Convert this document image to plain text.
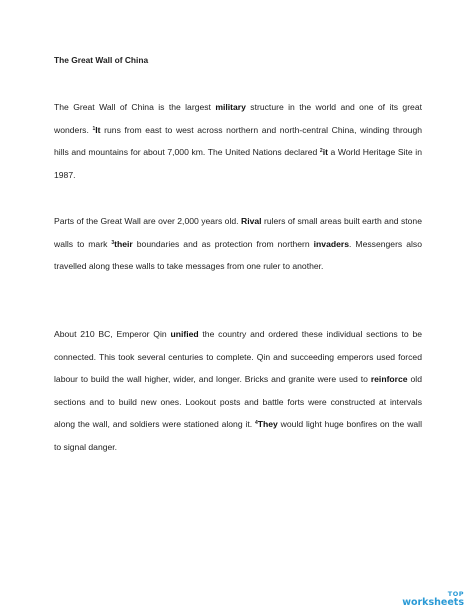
The Great Wall of China

The Great Wall of China is the largest military structure in the world and one of its great wonders. $^1$It runs from east to west across northern and north-central China, winding through hills and mountains for about 7,000 km. The United Nations declared $^2$it a World Heritage Site in 1987.

Parts of the Great Wall are over 2,000 years old. Rival rulers of small areas built earth and stone walls to mark $^3$their boundaries and as protection from northern invaders. Messengers also travelled along these walls to take messages from one ruler to another.

About 210 BC, Emperor Qin unified the country and ordered these individual sections to be connected. This took several centuries to complete. Qin and succeeding emperors used forced labour to build the wall higher, wider, and longer. Bricks and granite were used to reinforce old sections and to build new ones. Lookout posts and battle forts were constructed at intervals along the wall, and soldiers were stationed along it. $^4$They would light huge bonfires on the wall to signal danger.

TOP
worksheets
